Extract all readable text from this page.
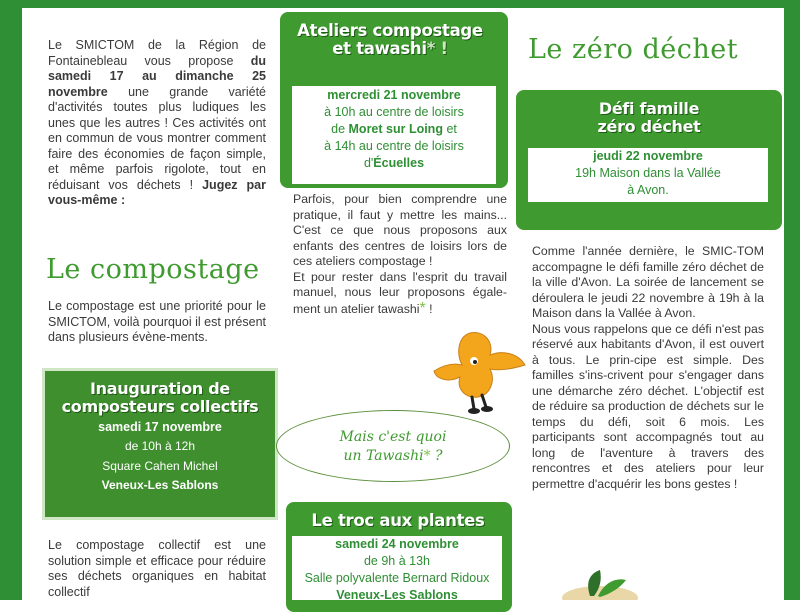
Le SMICTOM de la Région de Fontainebleau vous propose du samedi 17 au dimanche 25 novembre une grande variété d'activités toutes plus ludiques les unes que les autres ! Ces activités ont en commun de vous montrer comment faire des économies de façon simple, et même parfois rigolote, tout en réduisant vos déchets ! Jugez par vous-même :

Le compostage

Le compostage est une priorité pour le SMICTOM, voilà pourquoi il est présent dans plusieurs évène-ments.

Inauguration de composteurs collectifs
samedi 17 novembre
de 10h à 12h
Square Cahen Michel
Veneux-Les Sablons

Le compostage collectif est une solution simple et efficace pour réduire ses déchets organiques en habitat collectif

Ateliers compostage
et tawashi* !
mercredi 21 novembre
à 10h au centre de loisirs
de Moret sur Loing et
à 14h au centre de loisirs
d'Écuelles

Parfois, pour bien comprendre une pratique, il faut y mettre les mains... C'est ce que nous proposons aux enfants des centres de loisirs lors de ces ateliers compostage !

Et pour rester dans l'esprit du travail manuel, nous leur proposons égale-ment un atelier tawashi* !

Mais c'est quoi
un Tawashi* ?
Le troc aux plantes
samedi 24 novembre
de 9h à 13h
Salle polyvalente Bernard Ridoux
Veneux-Les Sablons
Le zéro déchet
Défi famille
zéro déchet
jeudi 22 novembre
19h Maison dans la Vallée
à Avon.

Comme l'année dernière, le SMIC-TOM accompagne le défi famille zéro déchet de la ville d'Avon. La soirée de lancement se déroulera le jeudi 22 novembre à 19h à la Maison dans la Vallée à Avon.

Nous vous rappelons que ce défi n'est pas réservé aux habitants d'Avon, il est ouvert à tous. Le prin-cipe est simple. Des familles s'ins-crivent pour s'engager dans une démarche zéro déchet. L'objectif est de réduire sa production de déchets sur le temps du défi, soit 6 mois. Les participants sont accompagnés tout au long de l'aventure à travers des rencontres et des ateliers pour leur permettre d'acquérir les bons gestes !
